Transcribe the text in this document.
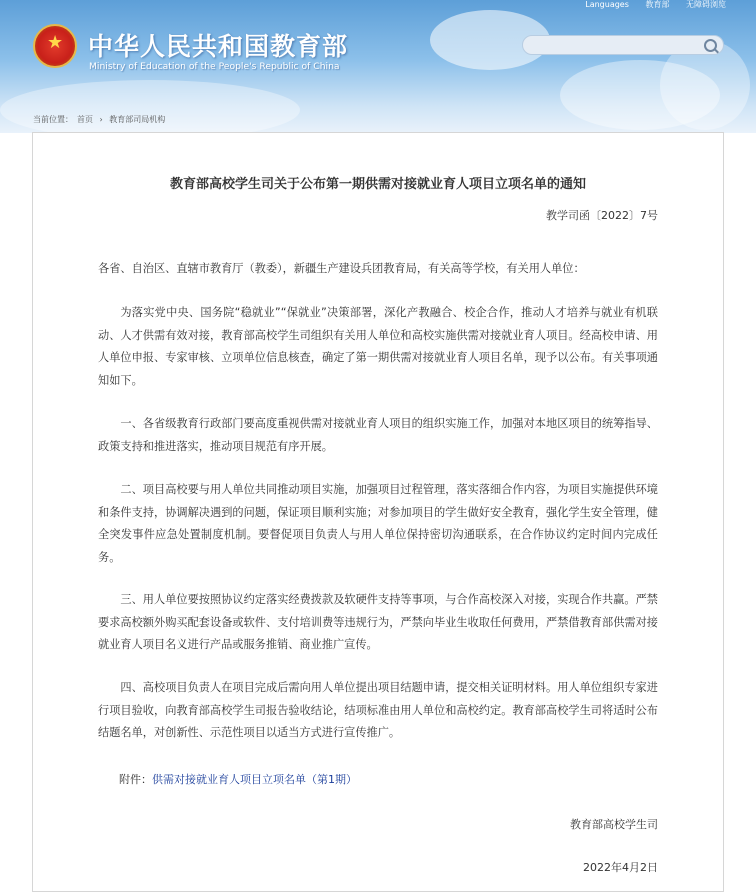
Languages 教育部 无障碍浏览
★
中华人民共和国教育部
Ministry of Education of the People's Republic of China
当前位置： 首页 › 教育部司局机构
教育部高校学生司关于公布第一期供需对接就业育人项目立项名单的通知
教学司函〔2022〕7号

各省、自治区、直辖市教育厅（教委），新疆生产建设兵团教育局，有关高等学校，有关用人单位：

为落实党中央、国务院“稳就业”“保就业”决策部署，深化产教融合、校企合作，推动人才培养与就业有机联动、人才供需有效对接，教育部高校学生司组织有关用人单位和高校实施供需对接就业育人项目。经高校申请、用人单位申报、专家审核、立项单位信息核查，确定了第一期供需对接就业育人项目名单，现予以公布。有关事项通知如下。

一、各省级教育行政部门要高度重视供需对接就业育人项目的组织实施工作，加强对本地区项目的统筹指导、政策支持和推进落实，推动项目规范有序开展。

二、项目高校要与用人单位共同推动项目实施，加强项目过程管理，落实落细合作内容，为项目实施提供环境和条件支持，协调解决遇到的问题，保证项目顺利实施；对参加项目的学生做好安全教育，强化学生安全管理，健全突发事件应急处置制度机制。要督促项目负责人与用人单位保持密切沟通联系，在合作协议约定时间内完成任务。

三、用人单位要按照协议约定落实经费拨款及软硬件支持等事项，与合作高校深入对接，实现合作共赢。严禁要求高校额外购买配套设备或软件、支付培训费等违规行为，严禁向毕业生收取任何费用，严禁借教育部供需对接就业育人项目名义进行产品或服务推销、商业推广宣传。

四、高校项目负责人在项目完成后需向用人单位提出项目结题申请，提交相关证明材料。用人单位组织专家进行项目验收，向教育部高校学生司报告验收结论，结项标准由用人单位和高校约定。教育部高校学生司将适时公布结题名单，对创新性、示范性项目以适当方式进行宣传推广。

附件：供需对接就业育人项目立项名单（第1期）
教育部高校学生司
2022年4月2日
